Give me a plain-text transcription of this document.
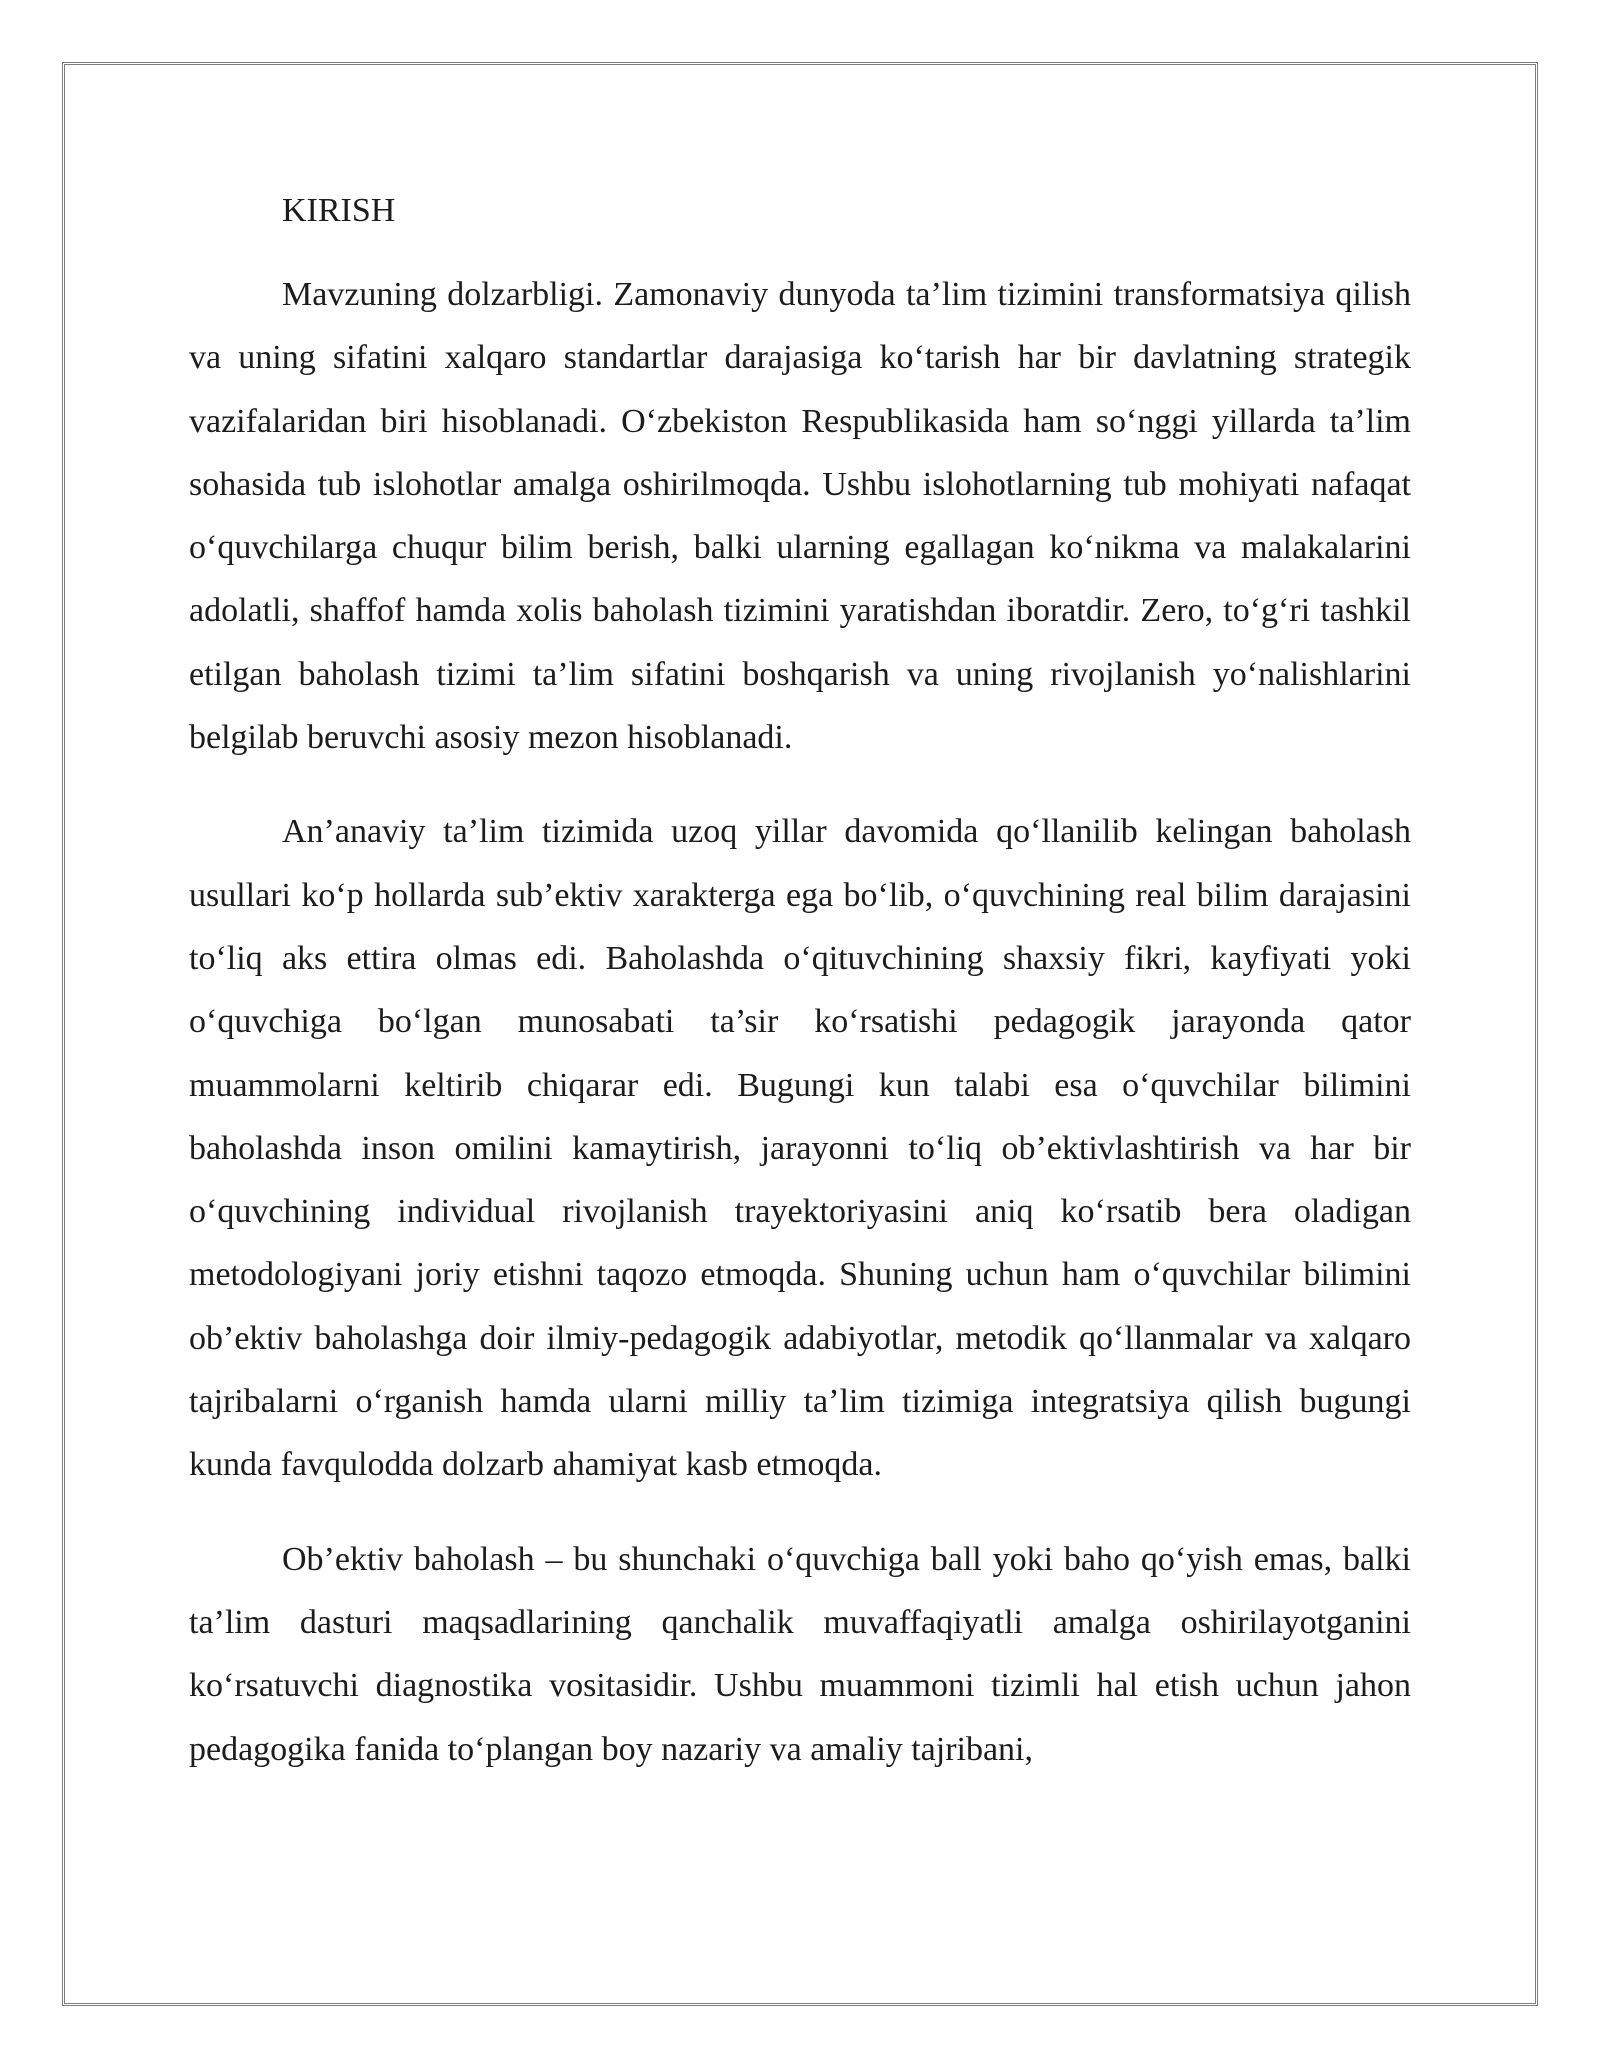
KIRISH

Mavzuning dolzarbligi. Zamonaviy dunyoda ta’lim tizimini transformatsiya qilish va uning sifatini xalqaro standartlar darajasiga ko‘tarish har bir davlatning strategik vazifalaridan biri hisoblanadi. O‘zbekiston Respublikasida ham so‘nggi yillarda ta’lim sohasida tub islohotlar amalga oshirilmoqda. Ushbu islohotlarning tub mohiyati nafaqat o‘quvchilarga chuqur bilim berish, balki ularning egallagan ko‘nikma va malakalarini adolatli, shaffof hamda xolis baholash tizimini yaratishdan iboratdir. Zero, to‘g‘ri tashkil etilgan baholash tizimi ta’lim sifatini boshqarish va uning rivojlanish yo‘nalishlarini belgilab beruvchi asosiy mezon hisoblanadi.

An’anaviy ta’lim tizimida uzoq yillar davomida qo‘llanilib kelingan baholash usullari ko‘p hollarda sub’ektiv xarakterga ega bo‘lib, o‘quvchining real bilim darajasini to‘liq aks ettira olmas edi. Baholashda o‘qituvchining shaxsiy fikri, kayfiyati yoki o‘quvchiga bo‘lgan munosabati ta’sir ko‘rsatishi pedagogik jarayonda qator muammolarni keltirib chiqarar edi. Bugungi kun talabi esa o‘quvchilar bilimini baholashda inson omilini kamaytirish, jarayonni to‘liq ob’ektivlashtirish va har bir o‘quvchining individual rivojlanish trayektoriyasini aniq ko‘rsatib bera oladigan metodologiyani joriy etishni taqozo etmoqda. Shuning uchun ham o‘quvchilar bilimini ob’ektiv baholashga doir ilmiy-pedagogik adabiyotlar, metodik qo‘llanmalar va xalqaro tajribalarni o‘rganish hamda ularni milliy ta’lim tizimiga integratsiya qilish bugungi kunda favqulodda dolzarb ahamiyat kasb etmoqda.

Ob’ektiv baholash – bu shunchaki o‘quvchiga ball yoki baho qo‘yish emas, balki ta’lim dasturi maqsadlarining qanchalik muvaffaqiyatli amalga oshirilayotganini ko‘rsatuvchi diagnostika vositasidir. Ushbu muammoni tizimli hal etish uchun jahon pedagogika fanida to‘plangan boy nazariy va amaliy tajribani,
